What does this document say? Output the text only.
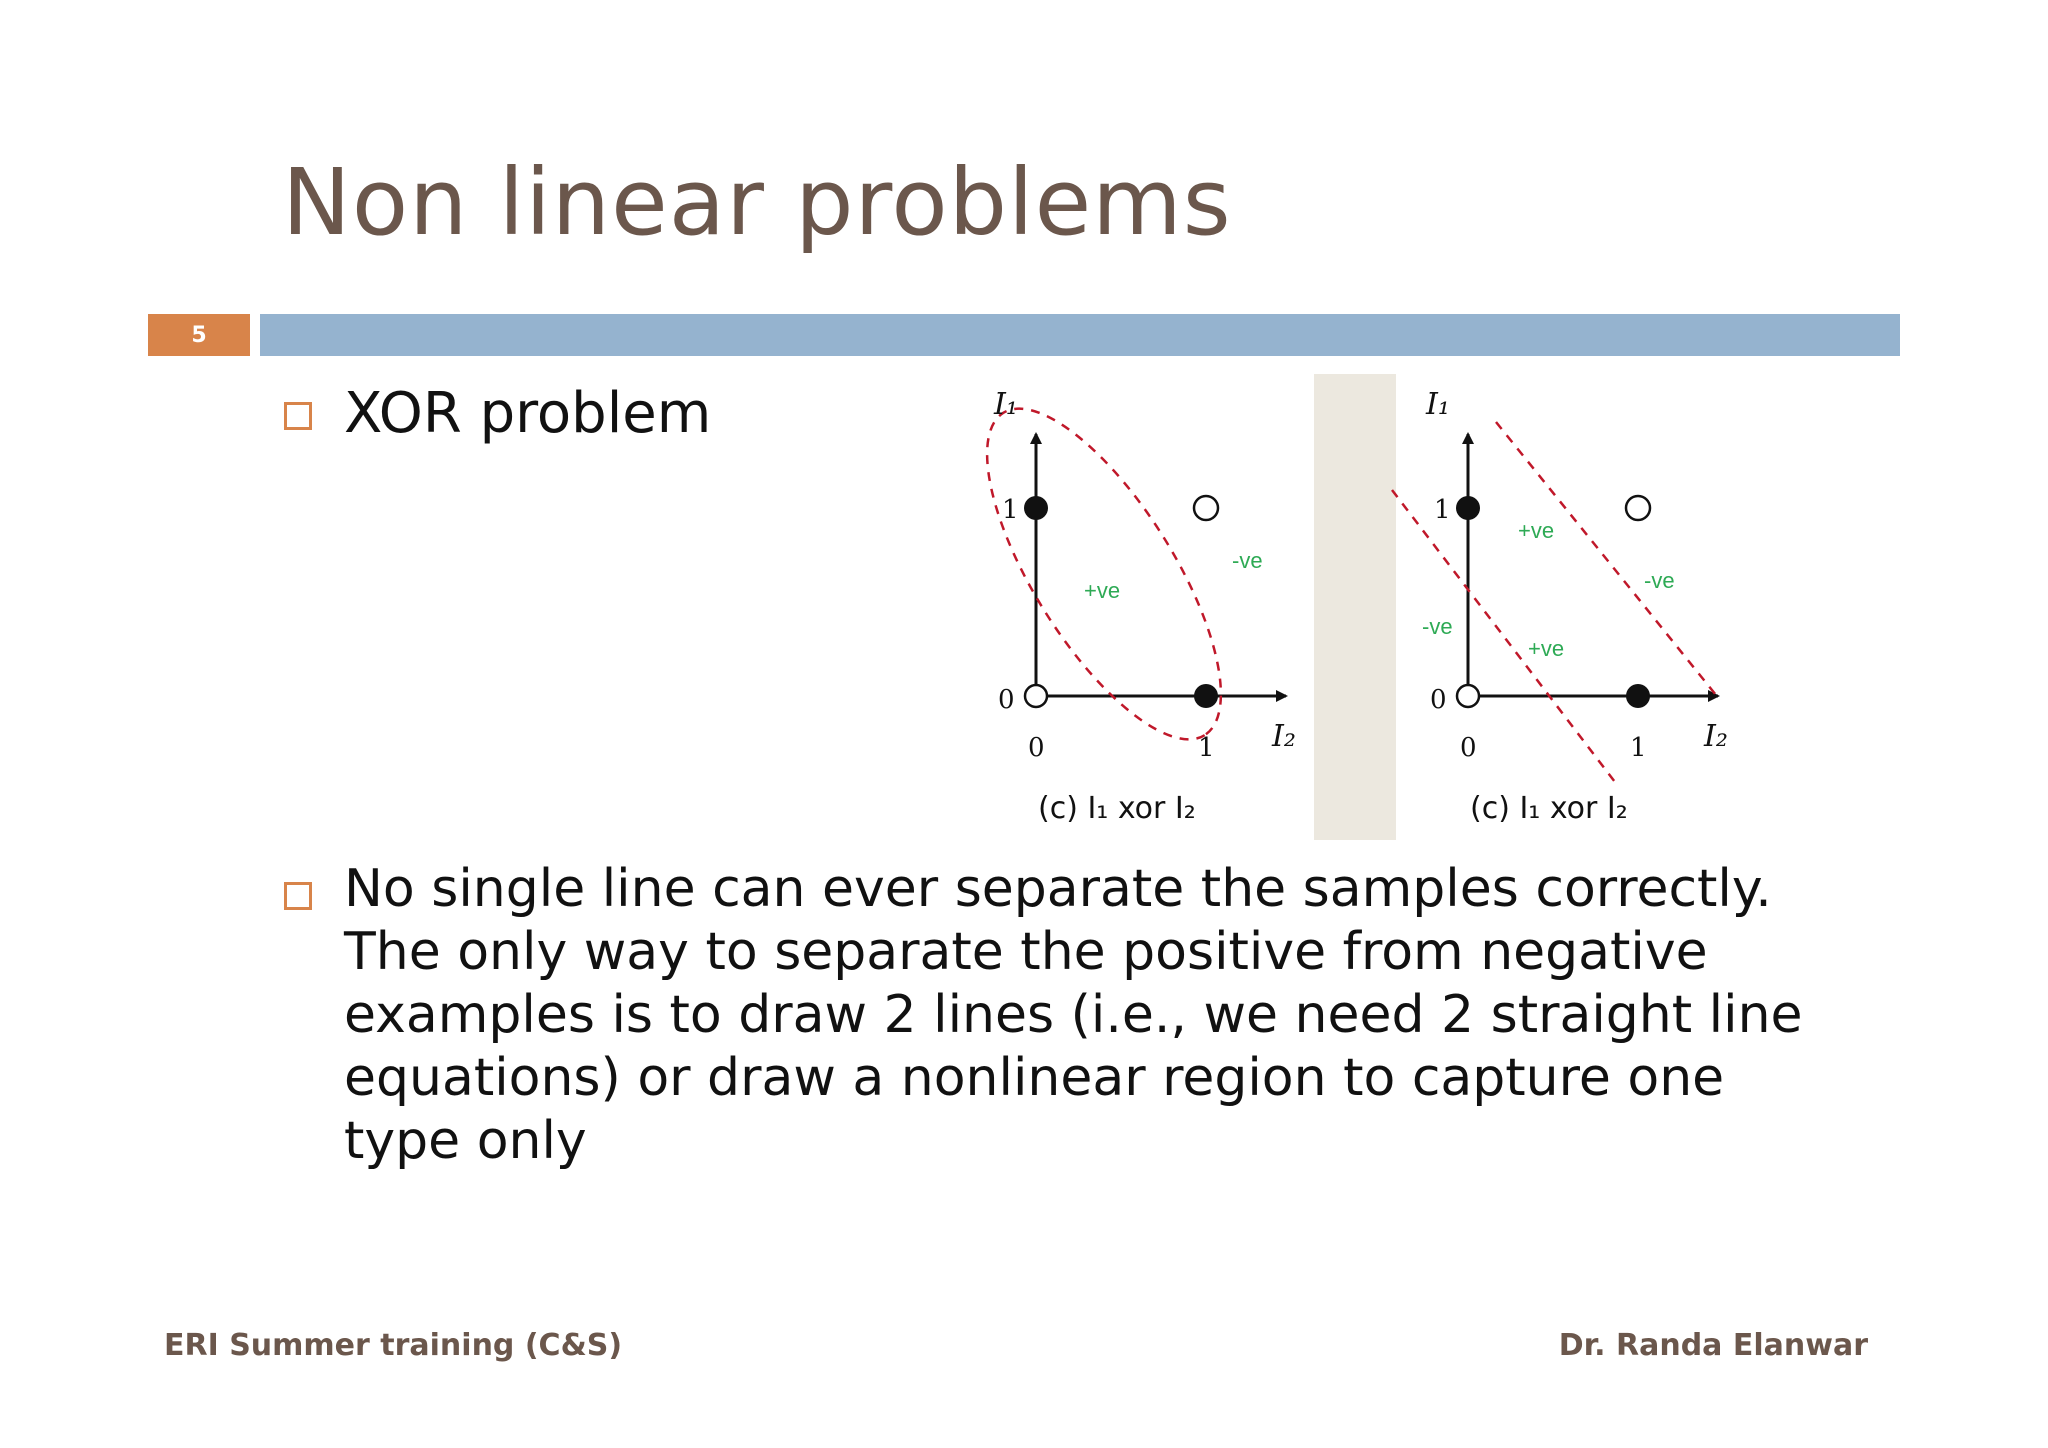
Non linear problems
5
XOR problem	I₁
I₂
0
0
1
1
+ve
-ve
(c) I₁ xor I₂
I₁
I₂
0
0
1
1
+ve
-ve
-ve
+ve
(c) I₁ xor I₂
No single line can ever separate the samples correctly.
The only way to separate the positive from negative
examples is to draw 2 lines (i.e., we need 2 straight line
equations) or draw a nonlinear region to capture one
type only
ERI Summer training (C&S)	Dr. Randa Elanwar
